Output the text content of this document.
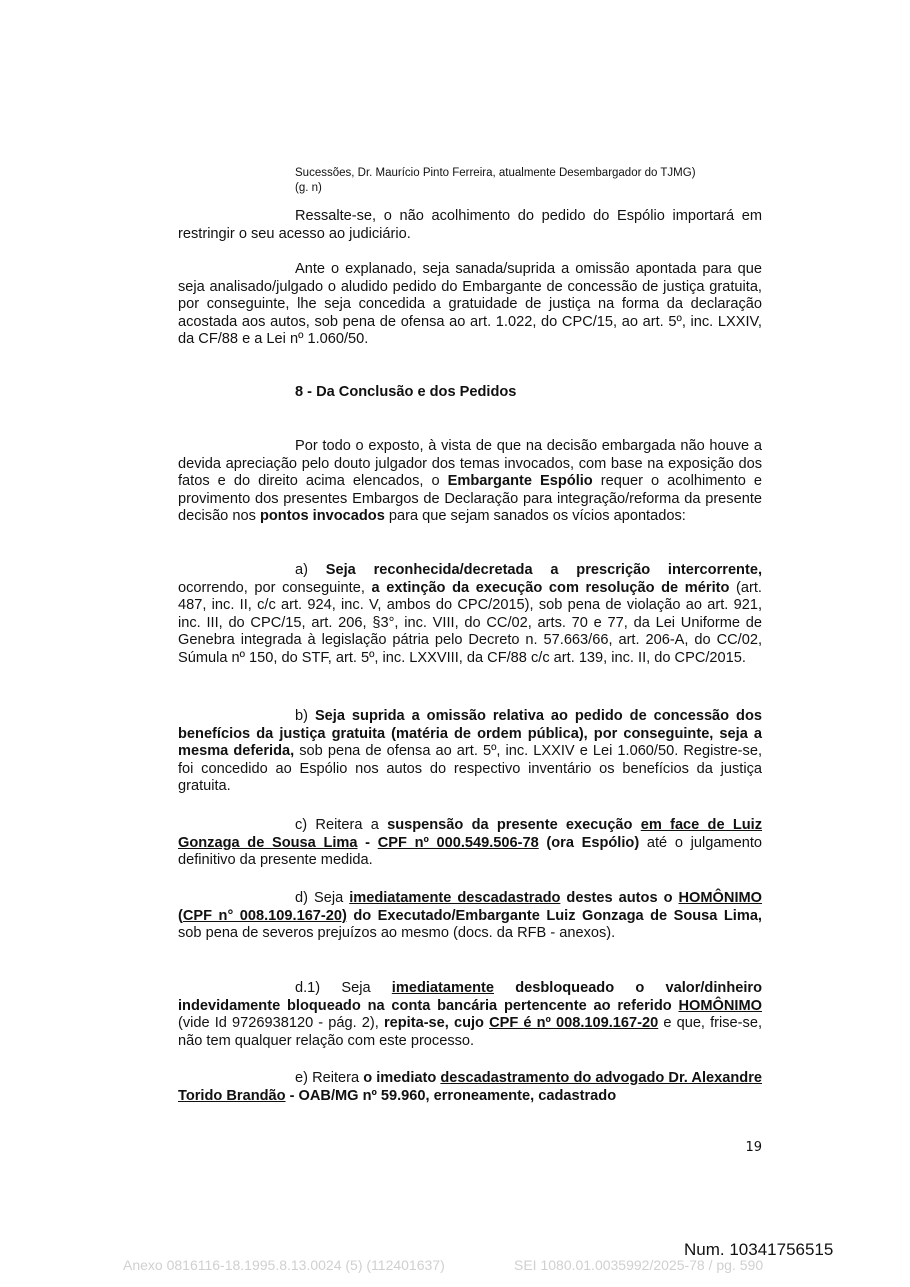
Sucessões, Dr. Maurício Pinto Ferreira, atualmente Desembargador do TJMG)
(g. n)
Ressalte-se, o não acolhimento do pedido do Espólio importará em restringir o seu acesso ao judiciário.
Ante o explanado, seja sanada/suprida a omissão apontada para que seja analisado/julgado o aludido pedido do Embargante de concessão de justiça gratuita, por conseguinte, lhe seja concedida a gratuidade de justiça na forma da declaração acostada aos autos, sob pena de ofensa ao art. 1.022, do CPC/15, ao art. 5º, inc. LXXIV, da CF/88 e a Lei nº 1.060/50.
8 - Da Conclusão e dos Pedidos
Por todo o exposto, à vista de que na decisão embargada não houve a devida apreciação pelo douto julgador dos temas invocados, com base na exposição dos fatos e do direito acima elencados, o Embargante Espólio requer o acolhimento e provimento dos presentes Embargos de Declaração para integração/reforma da presente decisão nos pontos invocados para que sejam sanados os vícios apontados:
a) Seja reconhecida/decretada a prescrição intercorrente, ocorrendo, por conseguinte, a extinção da execução com resolução de mérito (art. 487, inc. II, c/c art. 924, inc. V, ambos do CPC/2015), sob pena de violação ao art. 921, inc. III, do CPC/15, art. 206, §3°, inc. VIII, do CC/02, arts. 70 e 77, da Lei Uniforme de Genebra integrada à legislação pátria pelo Decreto n. 57.663/66, art. 206-A, do CC/02, Súmula nº 150, do STF, art. 5º, inc. LXXVIII, da CF/88 c/c art. 139, inc. II, do CPC/2015.
b) Seja suprida a omissão relativa ao pedido de concessão dos benefícios da justiça gratuita (matéria de ordem pública), por conseguinte, seja a mesma deferida, sob pena de ofensa ao art. 5º, inc. LXXIV e Lei 1.060/50. Registre-se, foi concedido ao Espólio nos autos do respectivo inventário os benefícios da justiça gratuita.
c) Reitera a suspensão da presente execução em face de Luiz Gonzaga de Sousa Lima - CPF nº 000.549.506-78 (ora Espólio) até o julgamento definitivo da presente medida.
d) Seja imediatamente descadastrado destes autos o HOMÔNIMO (CPF n° 008.109.167-20) do Executado/Embargante Luiz Gonzaga de Sousa Lima, sob pena de severos prejuízos ao mesmo (docs. da RFB - anexos).
d.1) Seja imediatamente desbloqueado o valor/dinheiro indevidamente bloqueado na conta bancária pertencente ao referido HOMÔNIMO (vide Id 9726938120 - pág. 2), repita-se, cujo CPF é nº 008.109.167-20 e que, frise-se, não tem qualquer relação com este processo.
e) Reitera o imediato descadastramento do advogado Dr. Alexandre Torido Brandão - OAB/MG nº 59.960, erroneamente, cadastrado
19
Num. 10341756515
Anexo 0816116-18.1995.8.13.0024 (5) (112401637)	SEI 1080.01.0035992/2025-78 / pg. 590
